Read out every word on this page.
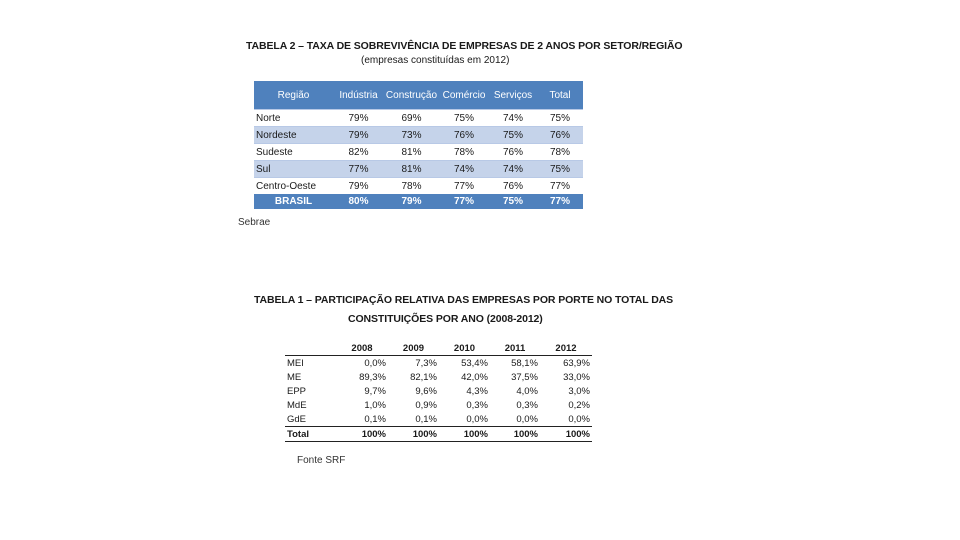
TABELA 2 – TAXA DE SOBREVIVÊNCIA DE EMPRESAS DE 2 ANOS POR SETOR/REGIÃO
(empresas constituídas em 2012)
Região	Indústria	Construção	Comércio	Serviços	Total
Norte	79%	69%	75%	74%	75%
Nordeste	79%	73%	76%	75%	76%
Sudeste	82%	81%	78%	76%	78%
Sul	77%	81%	74%	74%	75%
Centro-Oeste	79%	78%	77%	76%	77%
BRASIL	80%	79%	77%	75%	77%
Sebrae
TABELA 1 – PARTICIPAÇÃO RELATIVA DAS EMPRESAS POR PORTE NO TOTAL DAS
CONSTITUIÇÕES POR ANO (2008-2012)
	2008	2009	2010	2011	2012
MEI	0,0%	7,3%	53,4%	58,1%	63,9%
ME	89,3%	82,1%	42,0%	37,5%	33,0%
EPP	9,7%	9,6%	4,3%	4,0%	3,0%
MdE	1,0%	0,9%	0,3%	0,3%	0,2%
GdE	0,1%	0,1%	0,0%	0,0%	0,0%
Total	100%	100%	100%	100%	100%
Fonte SRF
